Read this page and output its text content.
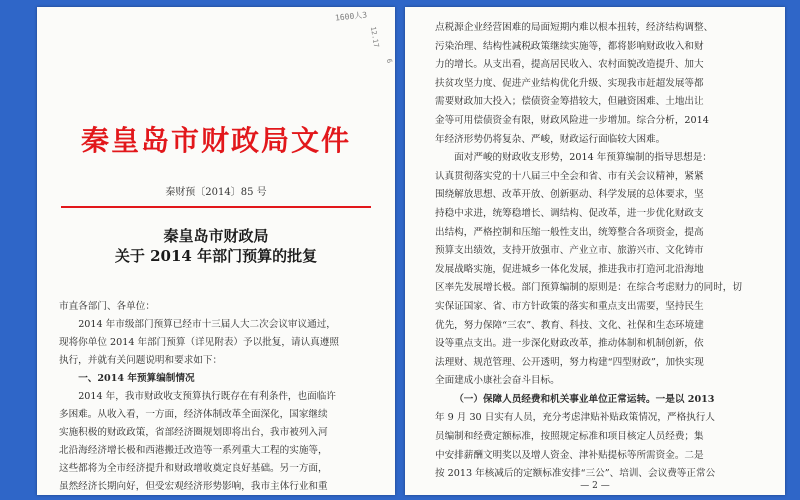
1600人3
12.17
6
秦皇岛市财政局文件
秦财预〔2014〕85 号
秦皇岛市财政局
关于 2014 年部门预算的批复

市直各部门、各单位：

2014 年市级部门预算已经市十三届人大二次会议审议通过，

现将你单位 2014 年部门预算（详见附表）予以批复，请认真遵照

执行，并就有关问题说明和要求如下：

一、2014 年预算编制情况

2014 年，我市财政收支预算执行既存在有利条件，也面临许

多困难。从收入看，一方面，经济体制改革全面深化，国家继续

实施积极的财政政策，省部经济圈规划即将出台，我市被列入河

北沿海经济增长极和西港搬迁改造等一系列重大工程的实施等，

这些都将为全市经济提升和财政增收奠定良好基础。另一方面，

虽然经济长期向好，但受宏观经济形势影响，我市主体行业和重

点税源企业经营困难的局面短期内难以根本扭转，经济结构调整、

污染治理、结构性减税政策继续实施等，都将影响财政收入和财

力的增长。从支出看，提高居民收入、农村面貌改造提升、加大

扶贫攻坚力度、促进产业结构优化升级、实现我市赶超发展等都

需要财政加大投入；偿债资金筹措较大，但融资困难、土地出让

金等可用偿债资金有限，财政风险进一步增加。综合分析，2014

年经济形势仍将复杂、严峻，财政运行面临较大困难。

面对严峻的财政收支形势，2014 年预算编制的指导思想是：

认真贯彻落实党的十八届三中全会和省、市有关会议精神，紧紧

围绕解放思想、改革开放、创新驱动、科学发展的总体要求，坚

持稳中求进，统筹稳增长、调结构、促改革，进一步优化财政支

出结构，严格控制和压缩一般性支出，统筹整合各项资金，提高

预算支出绩效，支持开放强市、产业立市、旅游兴市、文化铸市

发展战略实施，促进城乡一体化发展，推进我市打造河北沿海地

区率先发展增长极。部门预算编制的原则是：在综合考虑财力的同时，切

实保证国家、省、市方针政策的落实和重点支出需要，坚持民生

优先，努力保障“三农”、教育、科技、文化、社保和生态环境建

设等重点支出。进一步深化财政改革，推动体制和机制创新，依

法理财、规范管理、公开透明，努力构建“四型财政”，加快实现

全面建成小康社会奋斗目标。

（一）保障人员经费和机关事业单位正常运转。一是以 2013

年 9 月 30 日实有人员，充分考虑津贴补贴政策情况，严格执行人

员编制和经费定额标准，按照规定标准和项目核定人员经费；集

中安排薪酬文明奖以及增人资金、津补贴提标等所需资金。二是

按 2013 年核减后的定额标准安排“三公”、培训、会议费等正常公

— 2 —
